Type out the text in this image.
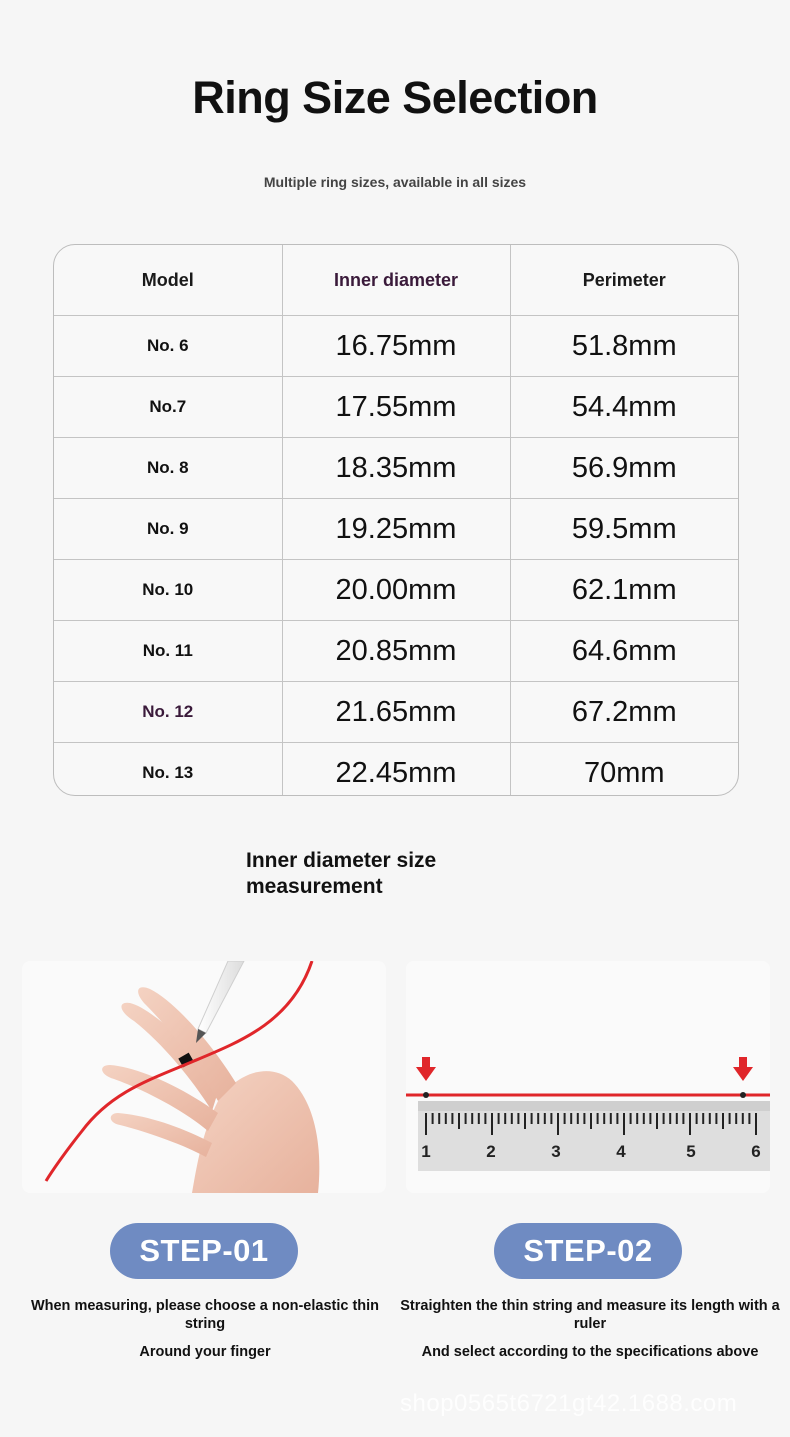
Ring Size Selection
Multiple ring sizes, available in all sizes
Model	Inner diameter	Perimeter
No. 6	16.75mm	51.8mm
No.7	17.55mm	54.4mm
No. 8	18.35mm	56.9mm
No. 9	19.25mm	59.5mm
No. 10	20.00mm	62.1mm
No. 11	20.85mm	64.6mm
No. 12	21.65mm	67.2mm
No. 13	22.45mm	70mm
Inner diameter size measurement
1	2	3	4	5	6
STEP-01	STEP-02
When measuring, please choose a non-elastic thin string
Around your finger
Straighten the thin string and measure its length with a ruler
And select according to the specifications above
shop0565t6721gt42.1688.com
